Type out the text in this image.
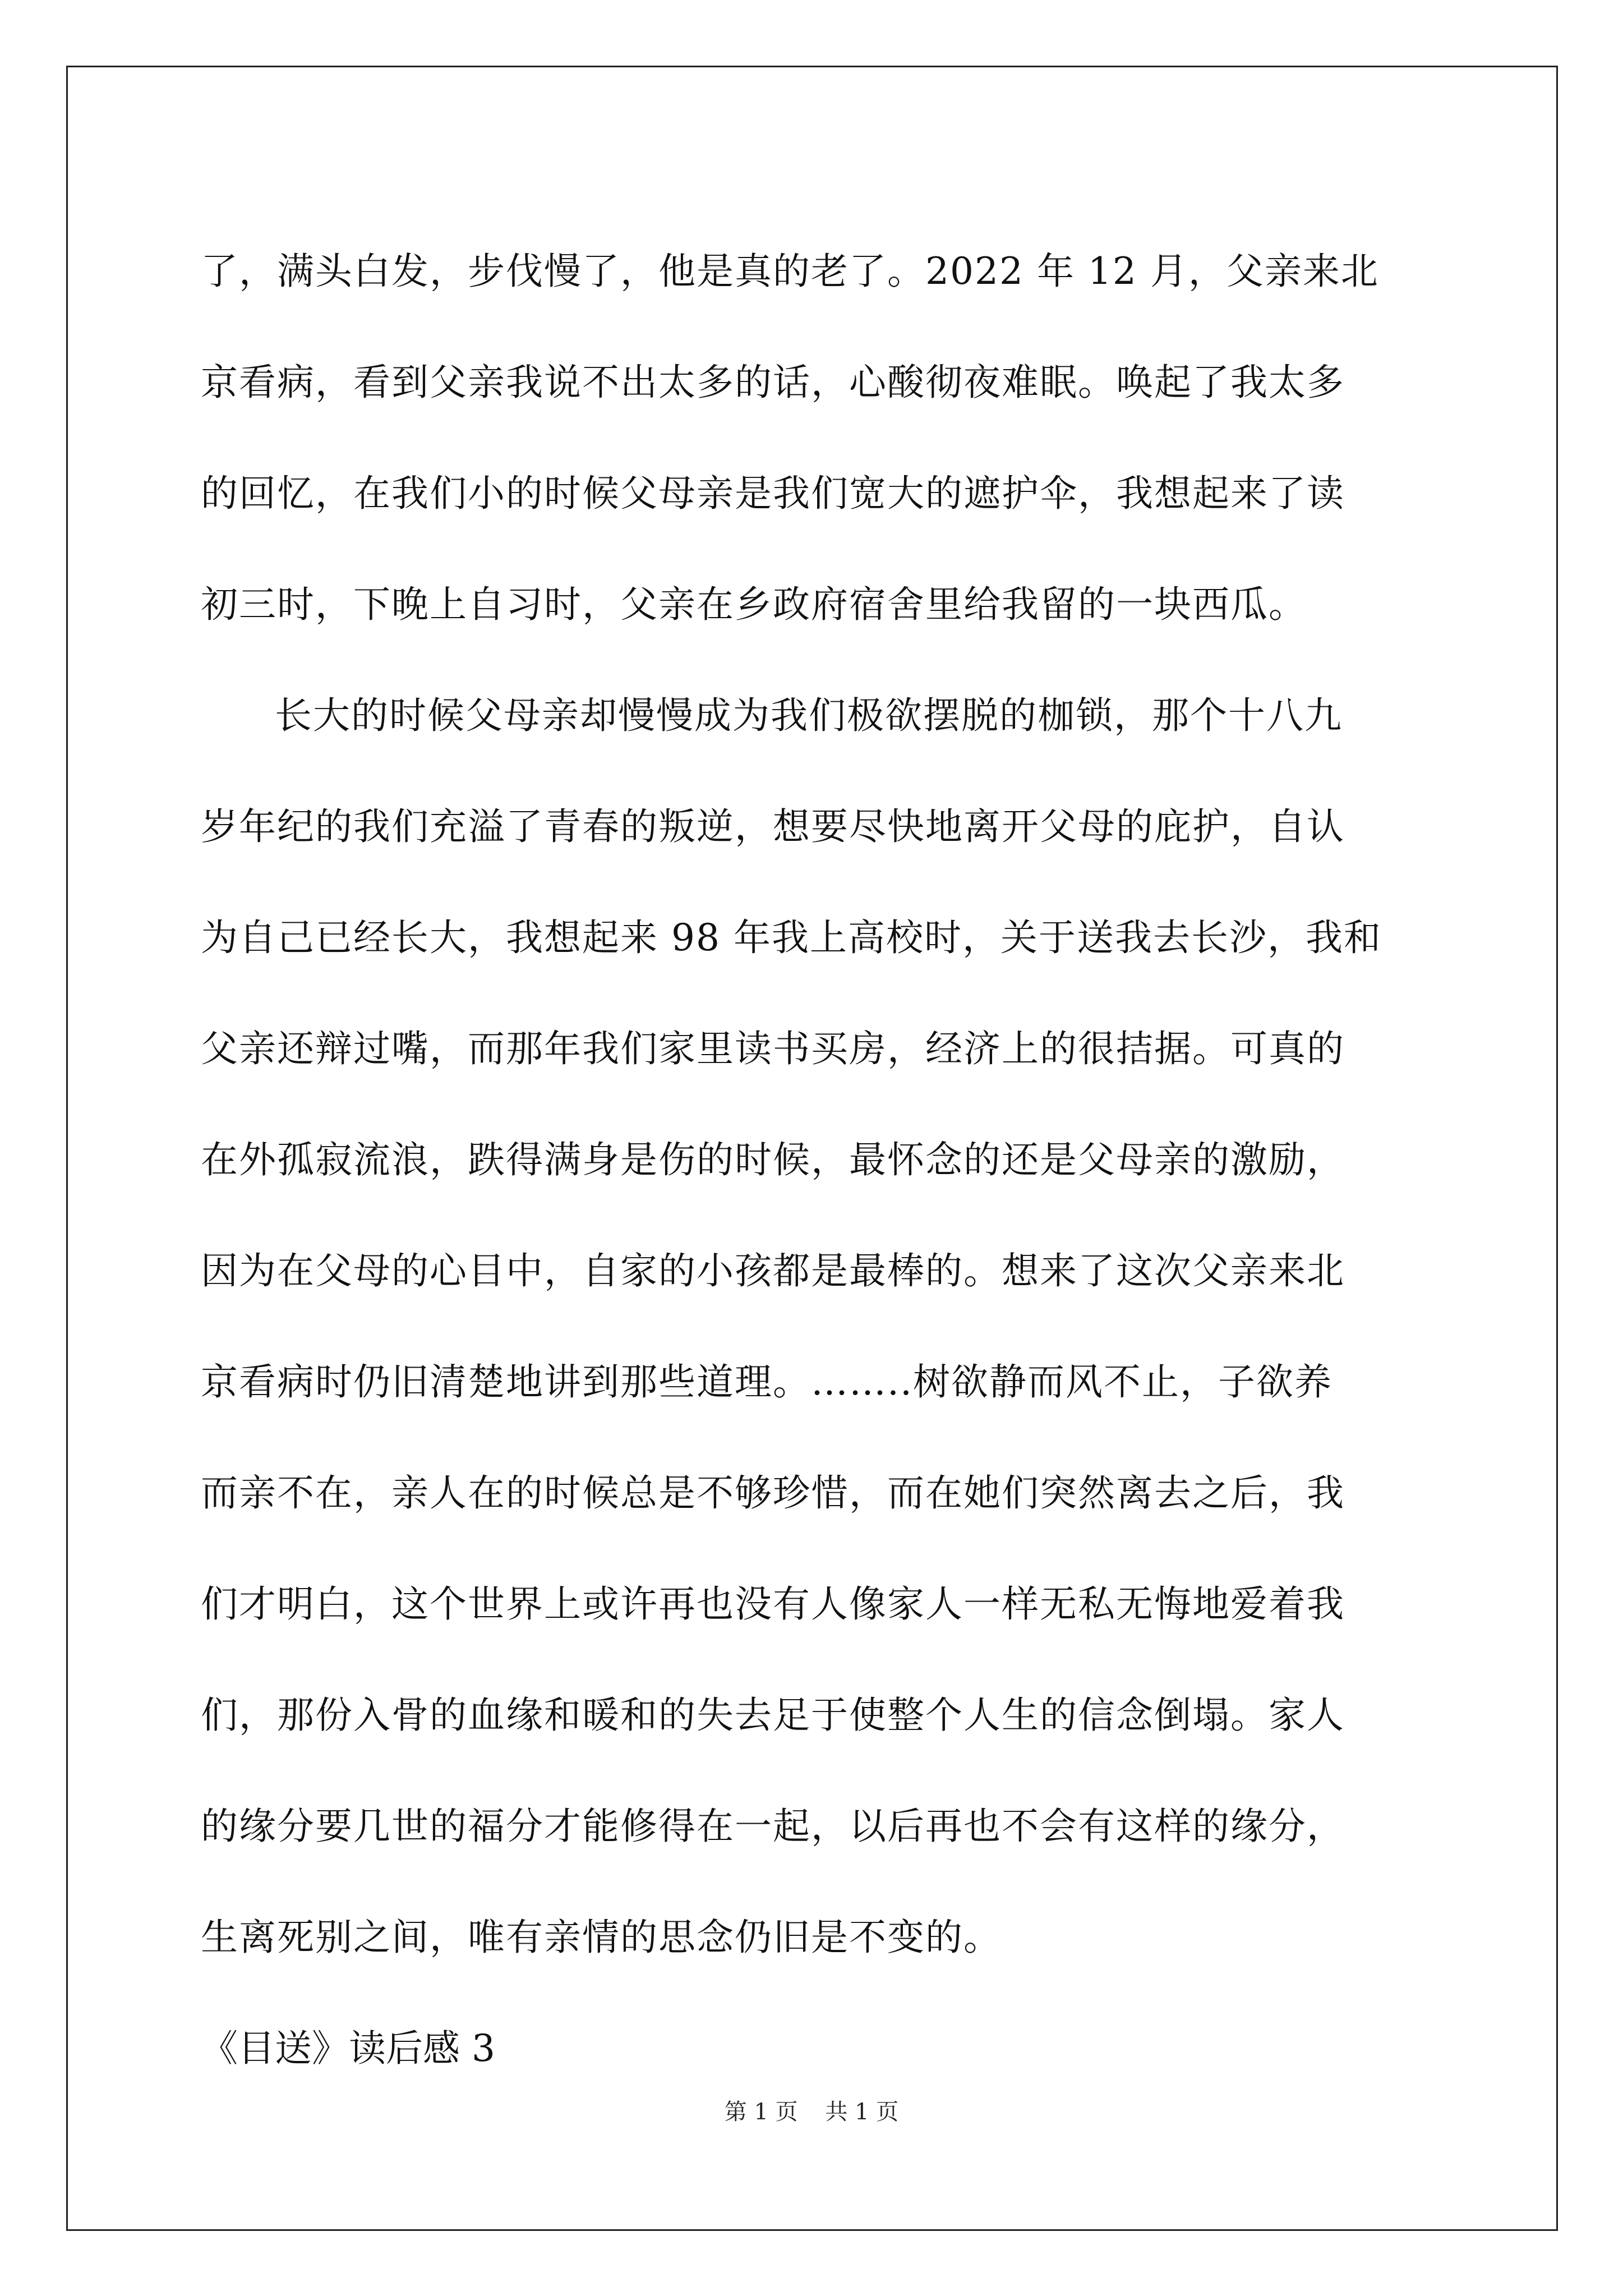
了，满头白发，步伐慢了，他是真的老了。2022 年 12 月，父亲来北
京看病，看到父亲我说不出太多的话，心酸彻夜难眠。唤起了我太多
的回忆，在我们小的时候父母亲是我们宽大的遮护伞，我想起来了读
初三时，下晚上自习时，父亲在乡政府宿舍里给我留的一块西瓜。
长大的时候父母亲却慢慢成为我们极欲摆脱的枷锁，那个十八九
岁年纪的我们充溢了青春的叛逆，想要尽快地离开父母的庇护，自认
为自己已经长大，我想起来 98 年我上高校时，关于送我去长沙，我和
父亲还辩过嘴，而那年我们家里读书买房，经济上的很拮据。可真的
在外孤寂流浪，跌得满身是伤的时候，最怀念的还是父母亲的激励，
因为在父母的心目中，自家的小孩都是最棒的。想来了这次父亲来北
京看病时仍旧清楚地讲到那些道理。……..树欲静而风不止，子欲养
而亲不在，亲人在的时候总是不够珍惜，而在她们突然离去之后，我
们才明白，这个世界上或许再也没有人像家人一样无私无悔地爱着我
们，那份入骨的血缘和暖和的失去足于使整个人生的信念倒塌。家人
的缘分要几世的福分才能修得在一起，以后再也不会有这样的缘分，
生离死别之间，唯有亲情的思念仍旧是不变的。
《目送》读后感 3
第 1 页 共 1 页
